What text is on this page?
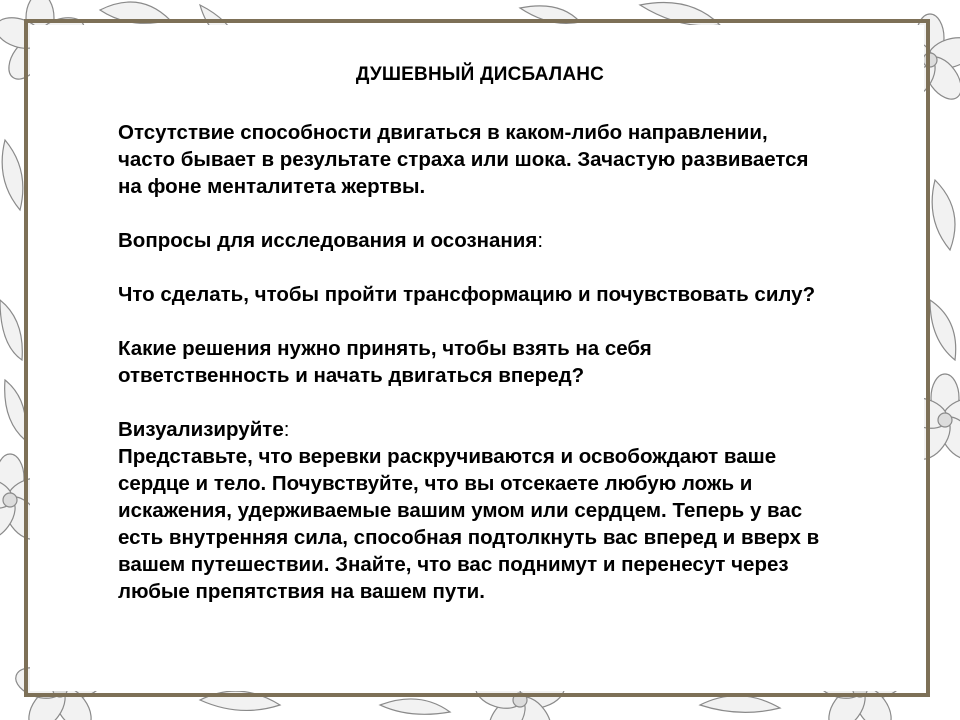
ДУШЕВНЫЙ ДИСБАЛАНС

Отсутствие способности двигаться в каком-либо направлении,

часто бывает в результате страха или шока. Зачастую развивается

на фоне менталитета жертвы.

Вопросы для исследования и осознания:

Что сделать, чтобы пройти трансформацию и почувствовать силу?

Какие решения нужно принять, чтобы взять на себя

ответственность и начать двигаться вперед?

Визуализируйте:

Представьте, что веревки раскручиваются и освобождают ваше

сердце и тело. Почувствуйте, что вы отсекаете любую ложь и

искажения, удерживаемые вашим умом или сердцем. Теперь у вас

есть внутренняя сила, способная подтолкнуть вас вперед и вверх в

вашем путешествии. Знайте, что вас поднимут и перенесут через

любые препятствия на вашем пути.
